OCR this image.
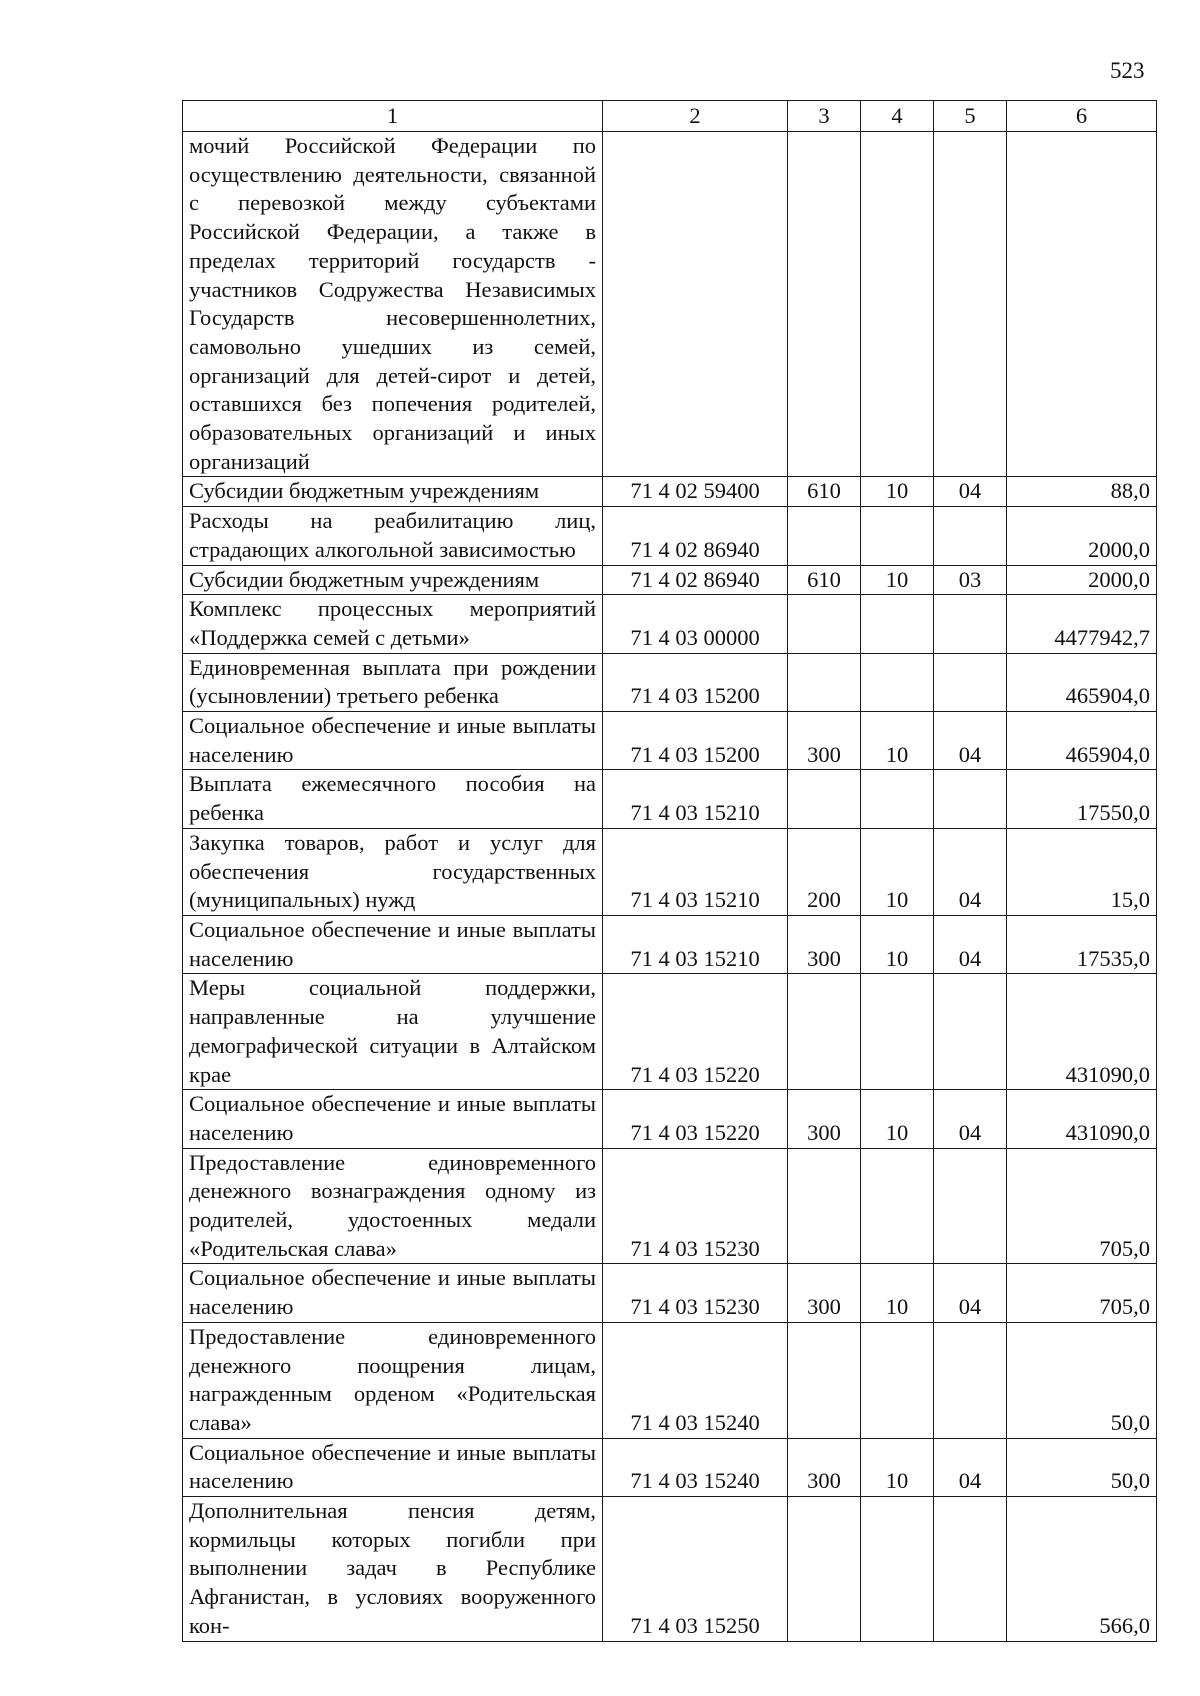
523
1	2	3	4	5	6
мочий Российской Федерации по осуществлению деятельности, связанной с перевозкой между субъектами Российской Федерации, а также в пределах территорий государств - участников Содружества Независимых Государств несовершеннолетних, самовольно ушедших из семей, организаций для детей-сирот и детей, оставшихся без попечения родителей, образовательных организаций и иных организаций					
Субсидии бюджетным учреждениям	71 4 02 59400	610	10	04	88,0
Расходы на реабилитацию лиц, страдающих алкогольной зависимостью	71 4 02 86940				2000,0
Субсидии бюджетным учреждениям	71 4 02 86940	610	10	03	2000,0
Комплекс процессных мероприятий «Поддержка семей с детьми»	71 4 03 00000				4477942,7
Единовременная выплата при рождении (усыновлении) третьего ребенка	71 4 03 15200				465904,0
Социальное обеспечение и иные выплаты населению	71 4 03 15200	300	10	04	465904,0
Выплата ежемесячного пособия на ребенка	71 4 03 15210				17550,0
Закупка товаров, работ и услуг для обеспечения государственных (муниципальных) нужд	71 4 03 15210	200	10	04	15,0
Социальное обеспечение и иные выплаты населению	71 4 03 15210	300	10	04	17535,0
Меры социальной поддержки, направленные на улучшение демографической ситуации в Алтайском крае	71 4 03 15220				431090,0
Социальное обеспечение и иные выплаты населению	71 4 03 15220	300	10	04	431090,0
Предоставление единовременного денежного вознаграждения одному из родителей, удостоенных медали «Родительская слава»	71 4 03 15230				705,0
Социальное обеспечение и иные выплаты населению	71 4 03 15230	300	10	04	705,0
Предоставление единовременного денежного поощрения лицам, награжденным орденом «Родительская слава»	71 4 03 15240				50,0
Социальное обеспечение и иные выплаты населению	71 4 03 15240	300	10	04	50,0
Дополнительная пенсия детям, кормильцы которых погибли при выполнении задач в Республике Афганистан, в условиях вооруженного кон-	71 4 03 15250				566,0
